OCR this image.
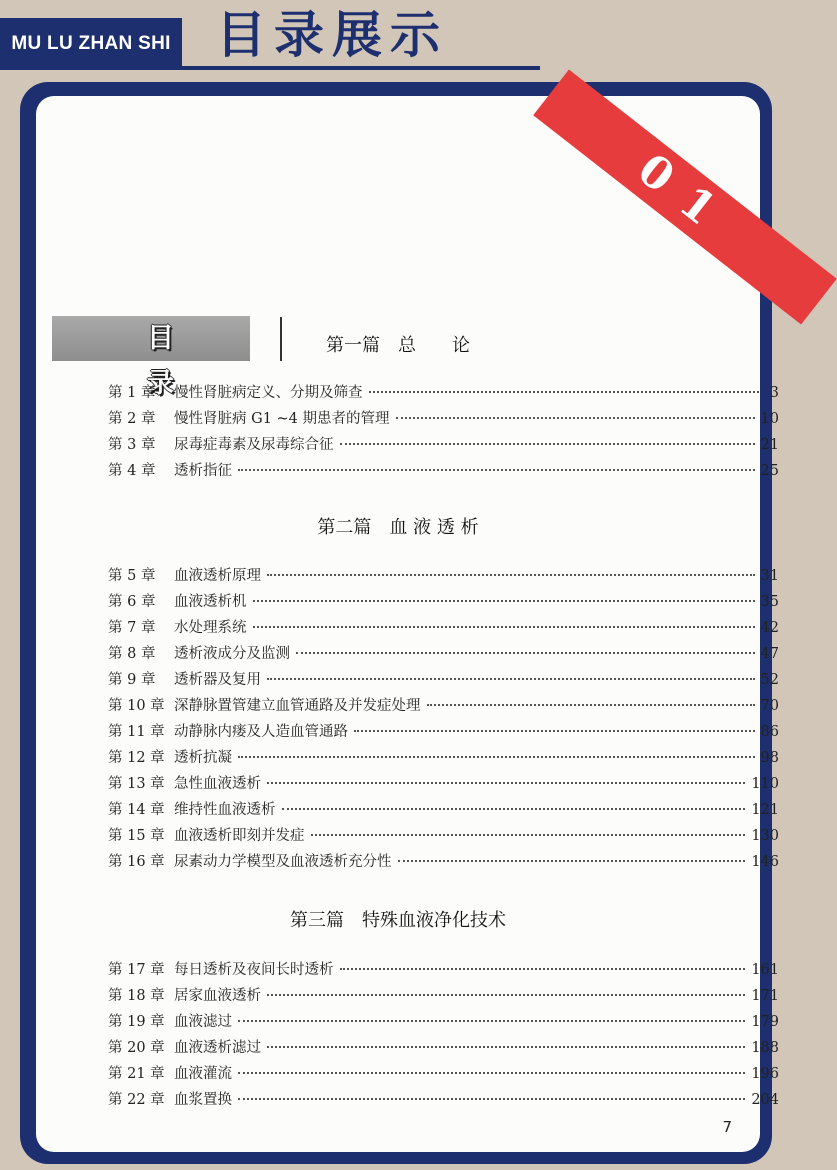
MU LU ZHAN SHI 目录展示
01
目录
第一篇　总　　论
第 1 章	慢性肾脏病定义、分期及筛查	3
第 2 章	慢性肾脏病 G1 ~4 期患者的管理	10
第 3 章	尿毒症毒素及尿毒综合征	21
第 4 章	透析指征	25
第二篇　血 液 透 析
第 5 章	血液透析原理	31
第 6 章	血液透析机	35
第 7 章	水处理系统	42
第 8 章	透析液成分及监测	47
第 9 章	透析器及复用	52
第 10 章 深静脉置管建立血管通路及并发症处理	70
第 11 章 动静脉内瘘及人造血管通路	86
第 12 章 透析抗凝	98
第 13 章 急性血液透析	110
第 14 章 维持性血液透析	121
第 15 章 血液透析即刻并发症	130
第 16 章 尿素动力学模型及血液透析充分性	146
第三篇　特殊血液净化技术
第 17 章 每日透析及夜间长时透析	161
第 18 章 居家血液透析	171
第 19 章 血液滤过	179
第 20 章 血液透析滤过	188
第 21 章 血液灌流	196
第 22 章 血浆置换	204
7
